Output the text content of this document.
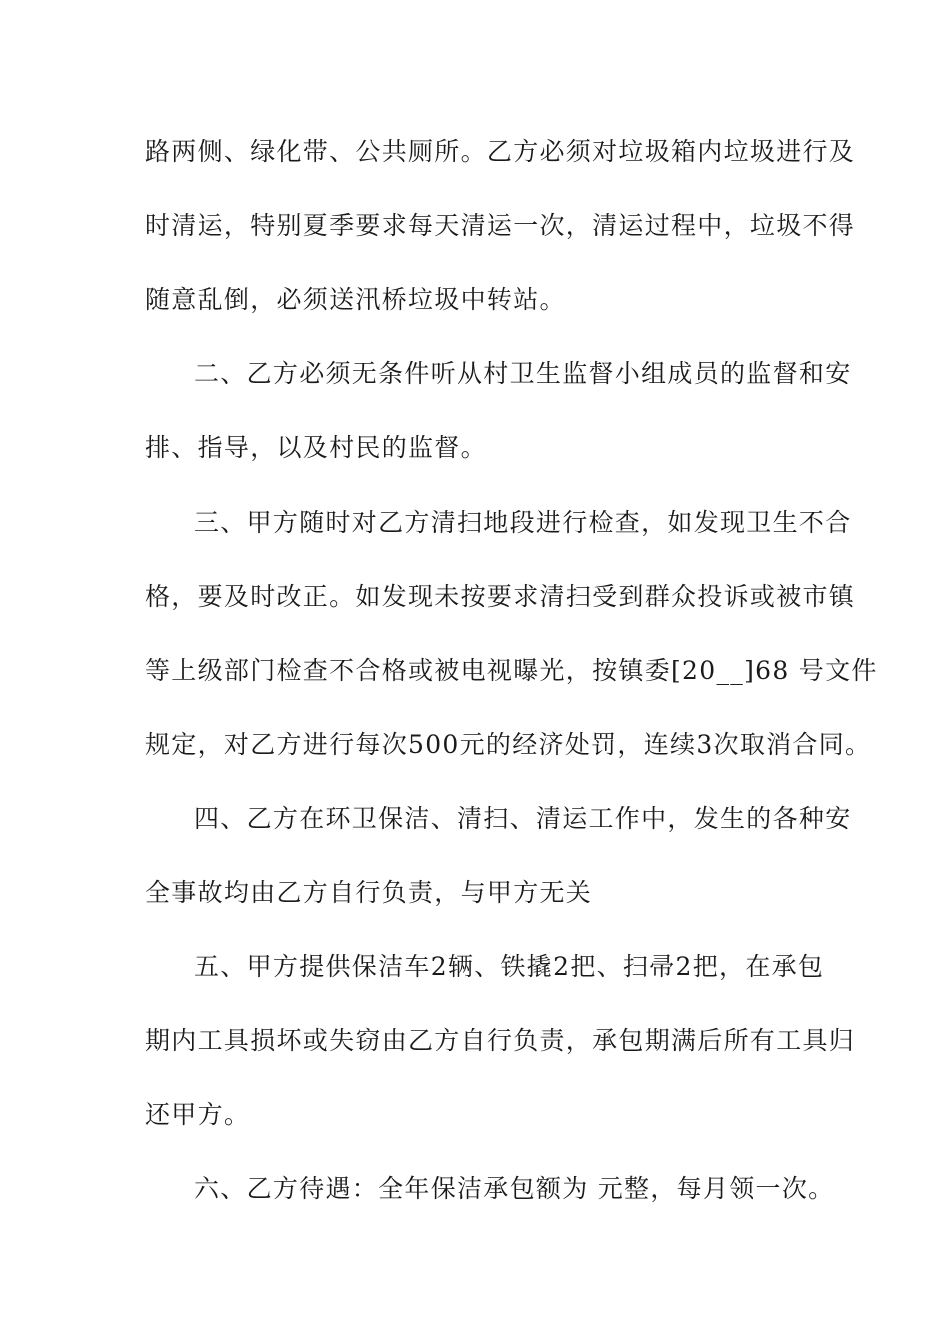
路两侧、绿化带、公共厕所。乙方必须对垃圾箱内垃圾进行及
时清运，特别夏季要求每天清运一次，清运过程中，垃圾不得
随意乱倒，必须送汛桥垃圾中转站。
二、乙方必须无条件听从村卫生监督小组成员的监督和安
排、指导，以及村民的监督。
三、甲方随时对乙方清扫地段进行检查，如发现卫生不合
格，要及时改正。如发现未按要求清扫受到群众投诉或被市镇
等上级部门检查不合格或被电视曝光，按镇委[20__]68 号文件
规定，对乙方进行每次500元的经济处罚，连续3次取消合同。
四、乙方在环卫保洁、清扫、清运工作中，发生的各种安
全事故均由乙方自行负责，与甲方无关
五、甲方提供保洁车2辆、铁撬2把、扫帚2把，在承包
期内工具损坏或失窃由乙方自行负责，承包期满后所有工具归
还甲方。
六、乙方待遇：全年保洁承包额为 元整，每月领一次。
